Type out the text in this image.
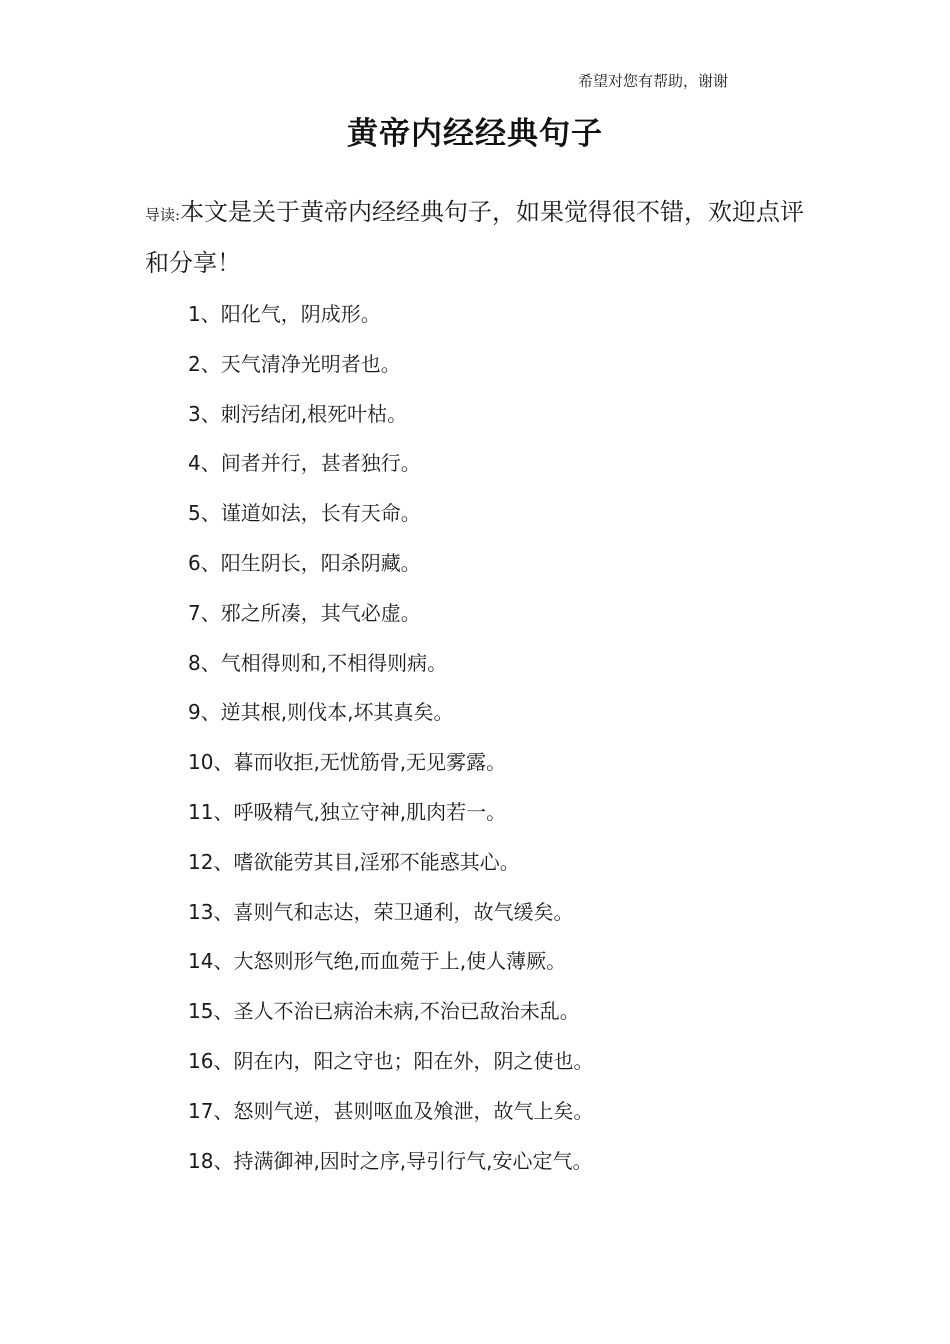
希望对您有帮助，谢谢
黄帝内经经典句子
导读:本文是关于黄帝内经经典句子，如果觉得很不错，欢迎点评和分享！
1、阳化气，阴成形。
2、天气清净光明者也。
3、刺污结闭,根死叶枯。
4、间者并行，甚者独行。
5、谨道如法，长有天命。
6、阳生阴长，阳杀阴藏。
7、邪之所凑，其气必虚。
8、气相得则和,不相得则病。
9、逆其根,则伐本,坏其真矣。
10、暮而收拒,无忧筋骨,无见雾露。
11、呼吸精气,独立守神,肌肉若一。
12、嗜欲能劳其目,淫邪不能惑其心。
13、喜则气和志达，荣卫通利，故气缓矣。
14、大怒则形气绝,而血菀于上,使人薄厥。
15、圣人不治已病治未病,不治已敌治未乱。
16、阴在内，阳之守也；阳在外，阴之使也。
17、怒则气逆，甚则呕血及飧泄，故气上矣。
18、持满御神,因时之序,导引行气,安心定气。
